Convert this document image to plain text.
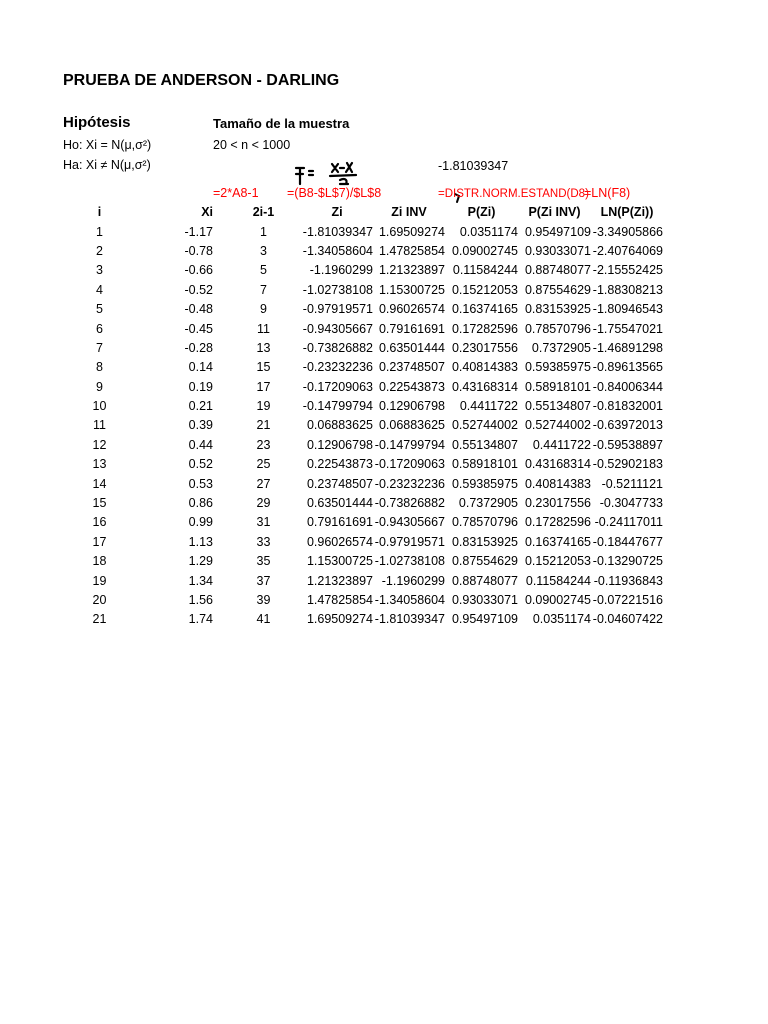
PRUEBA DE ANDERSON - DARLING
Hipótesis	Tamaño de la muestra
Ho: Xi = N(μ,σ²)
Ha: Xi ≠ N(μ,σ²)
20 < n < 1000
-1.81039347
=2*A8-1 =(B8-$L$7)/$L$8	=DISTR.NORM.ESTAND(D8)
=LN(F8)
i	Xi	2i-1	Zi	Zi INV	P(Zi)	P(Zi INV)	LN(P(Zi))
1	-1.17	1	-1.81039347	1.69509274	0.0351174	0.95497109	-3.34905866
2	-0.78	3	-1.34058604	1.47825854	0.09002745	0.93033071	-2.40764069
3	-0.66	5	-1.1960299	1.21323897	0.11584244	0.88748077	-2.15552425
4	-0.52	7	-1.02738108	1.15300725	0.15212053	0.87554629	-1.88308213
5	-0.48	9	-0.97919571	0.96026574	0.16374165	0.83153925	-1.80946543
6	-0.45	11	-0.94305667	0.79161691	0.17282596	0.78570796	-1.75547021
7	-0.28	13	-0.73826882	0.63501444	0.23017556	0.7372905	-1.46891298
8	0.14	15	-0.23232236	0.23748507	0.40814383	0.59385975	-0.89613565
9	0.19	17	-0.17209063	0.22543873	0.43168314	0.58918101	-0.84006344
10	0.21	19	-0.14799794	0.12906798	0.4411722	0.55134807	-0.81832001
11	0.39	21	0.06883625	0.06883625	0.52744002	0.52744002	-0.63972013
12	0.44	23	0.12906798	-0.14799794	0.55134807	0.4411722	-0.59538897
13	0.52	25	0.22543873	-0.17209063	0.58918101	0.43168314	-0.52902183
14	0.53	27	0.23748507	-0.23232236	0.59385975	0.40814383	-0.5211121
15	0.86	29	0.63501444	-0.73826882	0.7372905	0.23017556	-0.3047733
16	0.99	31	0.79161691	-0.94305667	0.78570796	0.17282596	-0.24117011
17	1.13	33	0.96026574	-0.97919571	0.83153925	0.16374165	-0.18447677
18	1.29	35	1.15300725	-1.02738108	0.87554629	0.15212053	-0.13290725
19	1.34	37	1.21323897	-1.1960299	0.88748077	0.11584244	-0.11936843
20	1.56	39	1.47825854	-1.34058604	0.93033071	0.09002745	-0.07221516
21	1.74	41	1.69509274	-1.81039347	0.95497109	0.0351174	-0.04607422
